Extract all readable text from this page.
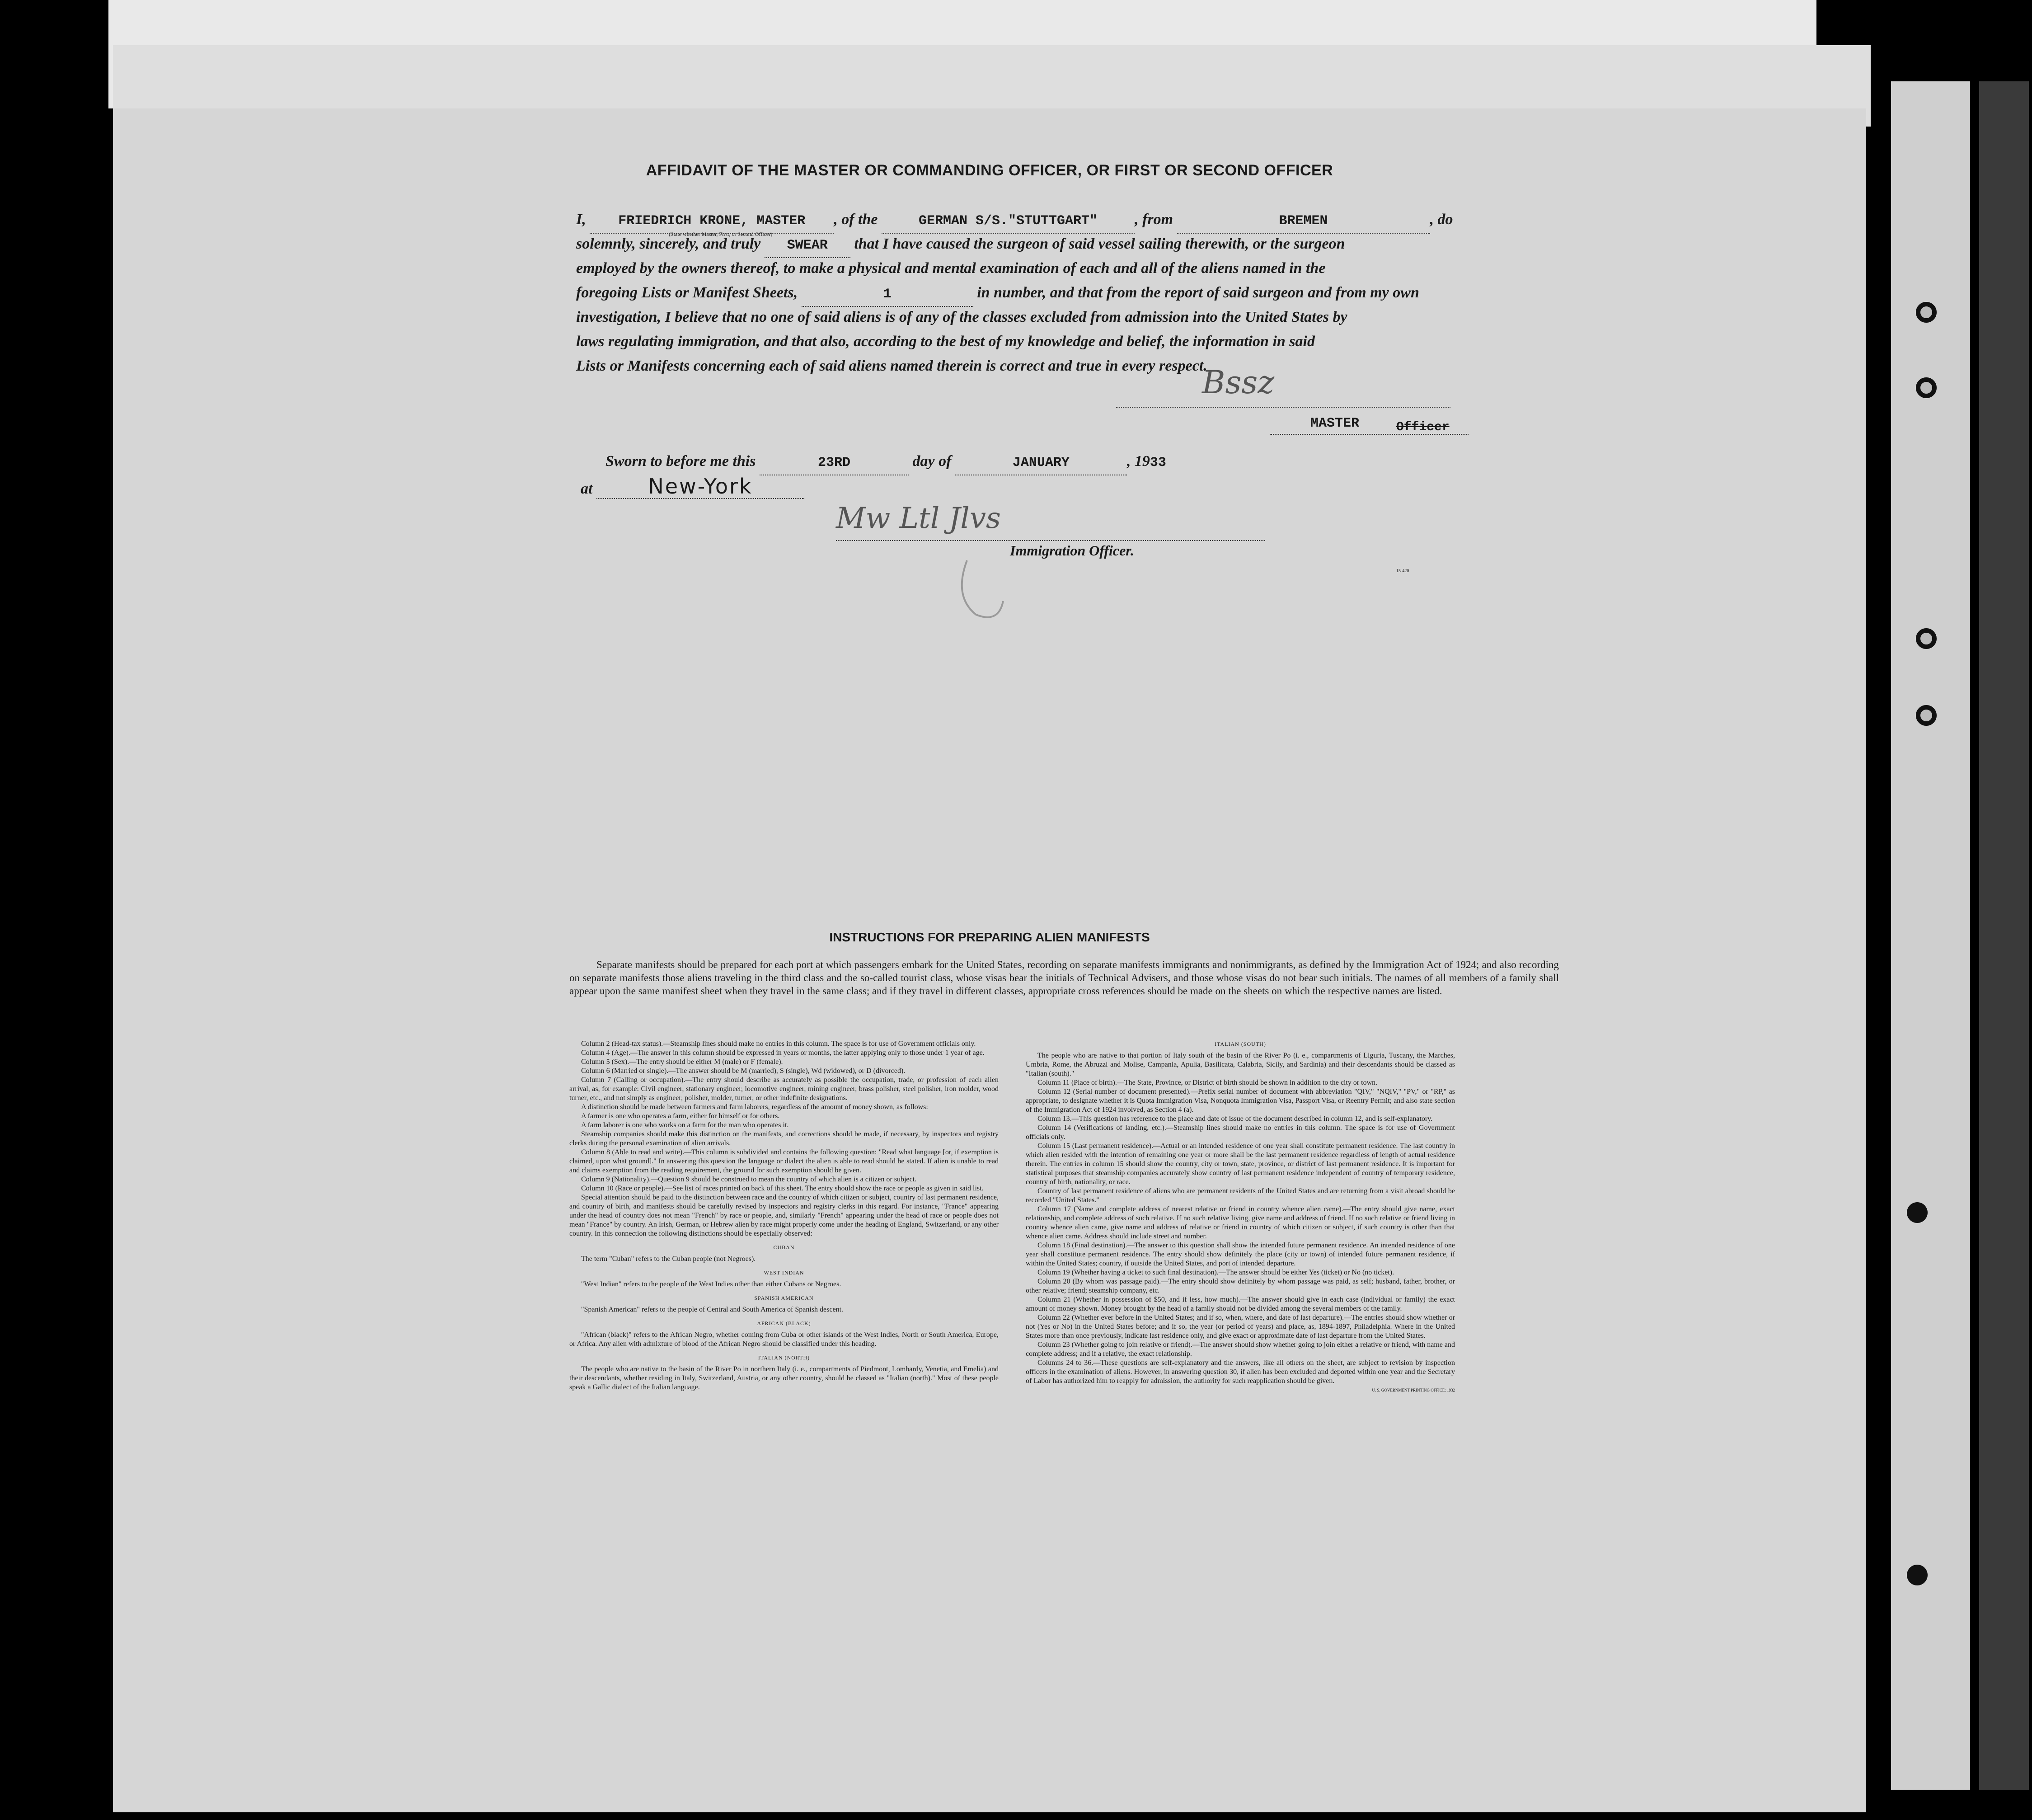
AFFIDAVIT OF THE MASTER OR COMMANDING OFFICER, OR FIRST OR SECOND OFFICER
I, FRIEDRICH KRONE, MASTER , of the	GERMAN S/S."STUTTGART" , from	BREMEN	, do
(State whether Master, First, or Second Officer)
solemnly, sincerely, and truly SWEAR that I have caused the surgeon of said vessel sailing therewith, or the surgeon
employed by the owners thereof, to make a physical and mental examination of each and all of the aliens named in the
foregoing Lists or Manifest Sheets,	1	in number, and that from the report of said surgeon and from my own
investigation, I believe that no one of said aliens is of any of the classes excluded from admission into the United States by
laws regulating immigration, and that also, according to the best of my knowledge and belief, the information in said
Lists or Manifests concerning each of said aliens named therein is correct and true in every respect.
Bssz
MASTER	Officer
Sworn to before me this	23RD	day of	JANUARY	, 1933
at	New-York
Mw Ltl Jlvs
Immigration Officer.
15-420
INSTRUCTIONS FOR PREPARING ALIEN MANIFESTS
Separate manifests should be prepared for each port at which passengers embark for the United States, recording on separate manifests immigrants and nonimmigrants, as defined by the Immigration Act of 1924; and also recording on separate manifests those aliens traveling in the third class and the so-called tourist class, whose visas bear the initials of Technical Advisers, and those whose visas do not bear such initials. The names of all members of a family shall appear upon the same manifest sheet when they travel in the same class; and if they travel in different classes, appropriate cross references should be made on the sheets on which the respective names are listed.

Column 2 (Head-tax status).—Steamship lines should make no entries in this column. The space is for use of Government officials only.

Column 4 (Age).—The answer in this column should be expressed in years or months, the latter applying only to those under 1 year of age.

Column 5 (Sex).—The entry should be either M (male) or F (female).

Column 6 (Married or single).—The answer should be M (married), S (single), Wd (widowed), or D (divorced).

Column 7 (Calling or occupation).—The entry should describe as accurately as possible the occupation, trade, or profession of each alien arrival, as, for example: Civil engineer, stationary engineer, locomotive engineer, mining engineer, brass polisher, steel polisher, iron molder, wood turner, etc., and not simply as engineer, polisher, molder, turner, or other indefinite designations.

A distinction should be made between farmers and farm laborers, regardless of the amount of money shown, as follows:

A farmer is one who operates a farm, either for himself or for others.

A farm laborer is one who works on a farm for the man who operates it.

Steamship companies should make this distinction on the manifests, and corrections should be made, if necessary, by inspectors and registry clerks during the personal examination of alien arrivals.

Column 8 (Able to read and write).—This column is subdivided and contains the following question: "Read what language [or, if exemption is claimed, upon what ground]." In answering this question the language or dialect the alien is able to read should be stated. If alien is unable to read and claims exemption from the reading requirement, the ground for such exemption should be given.

Column 9 (Nationality).—Question 9 should be construed to mean the country of which alien is a citizen or subject.

Column 10 (Race or people).—See list of races printed on back of this sheet. The entry should show the race or people as given in said list.

Special attention should be paid to the distinction between race and the country of which citizen or subject, country of last permanent residence, and country of birth, and manifests should be carefully revised by inspectors and registry clerks in this regard. For instance, "France" appearing under the head of country does not mean "French" by race or people, and, similarly "French" appearing under the head of race or people does not mean "France" by country. An Irish, German, or Hebrew alien by race might properly come under the heading of England, Switzerland, or any other country. In this connection the following distinctions should be especially observed:

CUBAN

The term "Cuban" refers to the Cuban people (not Negroes).

WEST INDIAN

"West Indian" refers to the people of the West Indies other than either Cubans or Negroes.

SPANISH AMERICAN

"Spanish American" refers to the people of Central and South America of Spanish descent.

AFRICAN (BLACK)

"African (black)" refers to the African Negro, whether coming from Cuba or other islands of the West Indies, North or South America, Europe, or Africa. Any alien with admixture of blood of the African Negro should be classified under this heading.

ITALIAN (NORTH)

The people who are native to the basin of the River Po in northern Italy (i. e., compartments of Piedmont, Lombardy, Venetia, and Emelia) and their descendants, whether residing in Italy, Switzerland, Austria, or any other country, should be classed as "Italian (north)." Most of these people speak a Gallic dialect of the Italian language.

ITALIAN (SOUTH)

The people who are native to that portion of Italy south of the basin of the River Po (i. e., compartments of Liguria, Tuscany, the Marches, Umbria, Rome, the Abruzzi and Molise, Campania, Apulia, Basilicata, Calabria, Sicily, and Sardinia) and their descendants should be classed as "Italian (south)."

Column 11 (Place of birth).—The State, Province, or District of birth should be shown in addition to the city or town.

Column 12 (Serial number of document presented).—Prefix serial number of document with abbreviation "QIV," "NQIV," "PV," or "RP," as appropriate, to designate whether it is Quota Immigration Visa, Nonquota Immigration Visa, Passport Visa, or Reentry Permit; and also state section of the Immigration Act of 1924 involved, as Section 4 (a).

Column 13.—This question has reference to the place and date of issue of the document described in column 12, and is self-explanatory.

Column 14 (Verifications of landing, etc.).—Steamship lines should make no entries in this column. The space is for use of Government officials only.

Column 15 (Last permanent residence).—Actual or an intended residence of one year shall constitute permanent residence. The last country in which alien resided with the intention of remaining one year or more shall be the last permanent residence regardless of length of actual residence therein. The entries in column 15 should show the country, city or town, state, province, or district of last permanent residence. It is important for statistical purposes that steamship companies accurately show country of last permanent residence independent of country of temporary residence, country of birth, nationality, or race.

Country of last permanent residence of aliens who are permanent residents of the United States and are returning from a visit abroad should be recorded "United States."

Column 17 (Name and complete address of nearest relative or friend in country whence alien came).—The entry should give name, exact relationship, and complete address of such relative. If no such relative living, give name and address of friend. If no such relative or friend living in country whence alien came, give name and address of relative or friend in country of which citizen or subject, if such country is other than that whence alien came. Address should include street and number.

Column 18 (Final destination).—The answer to this question shall show the intended future permanent residence. An intended residence of one year shall constitute permanent residence. The entry should show definitely the place (city or town) of intended future permanent residence, if within the United States; country, if outside the United States, and port of intended departure.

Column 19 (Whether having a ticket to such final destination).—The answer should be either Yes (ticket) or No (no ticket).

Column 20 (By whom was passage paid).—The entry should show definitely by whom passage was paid, as self; husband, father, brother, or other relative; friend; steamship company, etc.

Column 21 (Whether in possession of $50, and if less, how much).—The answer should give in each case (individual or family) the exact amount of money shown. Money brought by the head of a family should not be divided among the several members of the family.

Column 22 (Whether ever before in the United States; and if so, when, where, and date of last departure).—The entries should show whether or not (Yes or No) in the United States before; and if so, the year (or period of years) and place, as, 1894-1897, Philadelphia. Where in the United States more than once previously, indicate last residence only, and give exact or approximate date of last departure from the United States.

Column 23 (Whether going to join relative or friend).—The answer should show whether going to join either a relative or friend, with name and complete address; and if a relative, the exact relationship.

Columns 24 to 36.—These questions are self-explanatory and the answers, like all others on the sheet, are subject to revision by inspection officers in the examination of aliens. However, in answering question 30, if alien has been excluded and deported within one year and the Secretary of Labor has authorized him to reapply for admission, the authority for such reapplication should be given.

U. S. GOVERNMENT PRINTING OFFICE: 1932
